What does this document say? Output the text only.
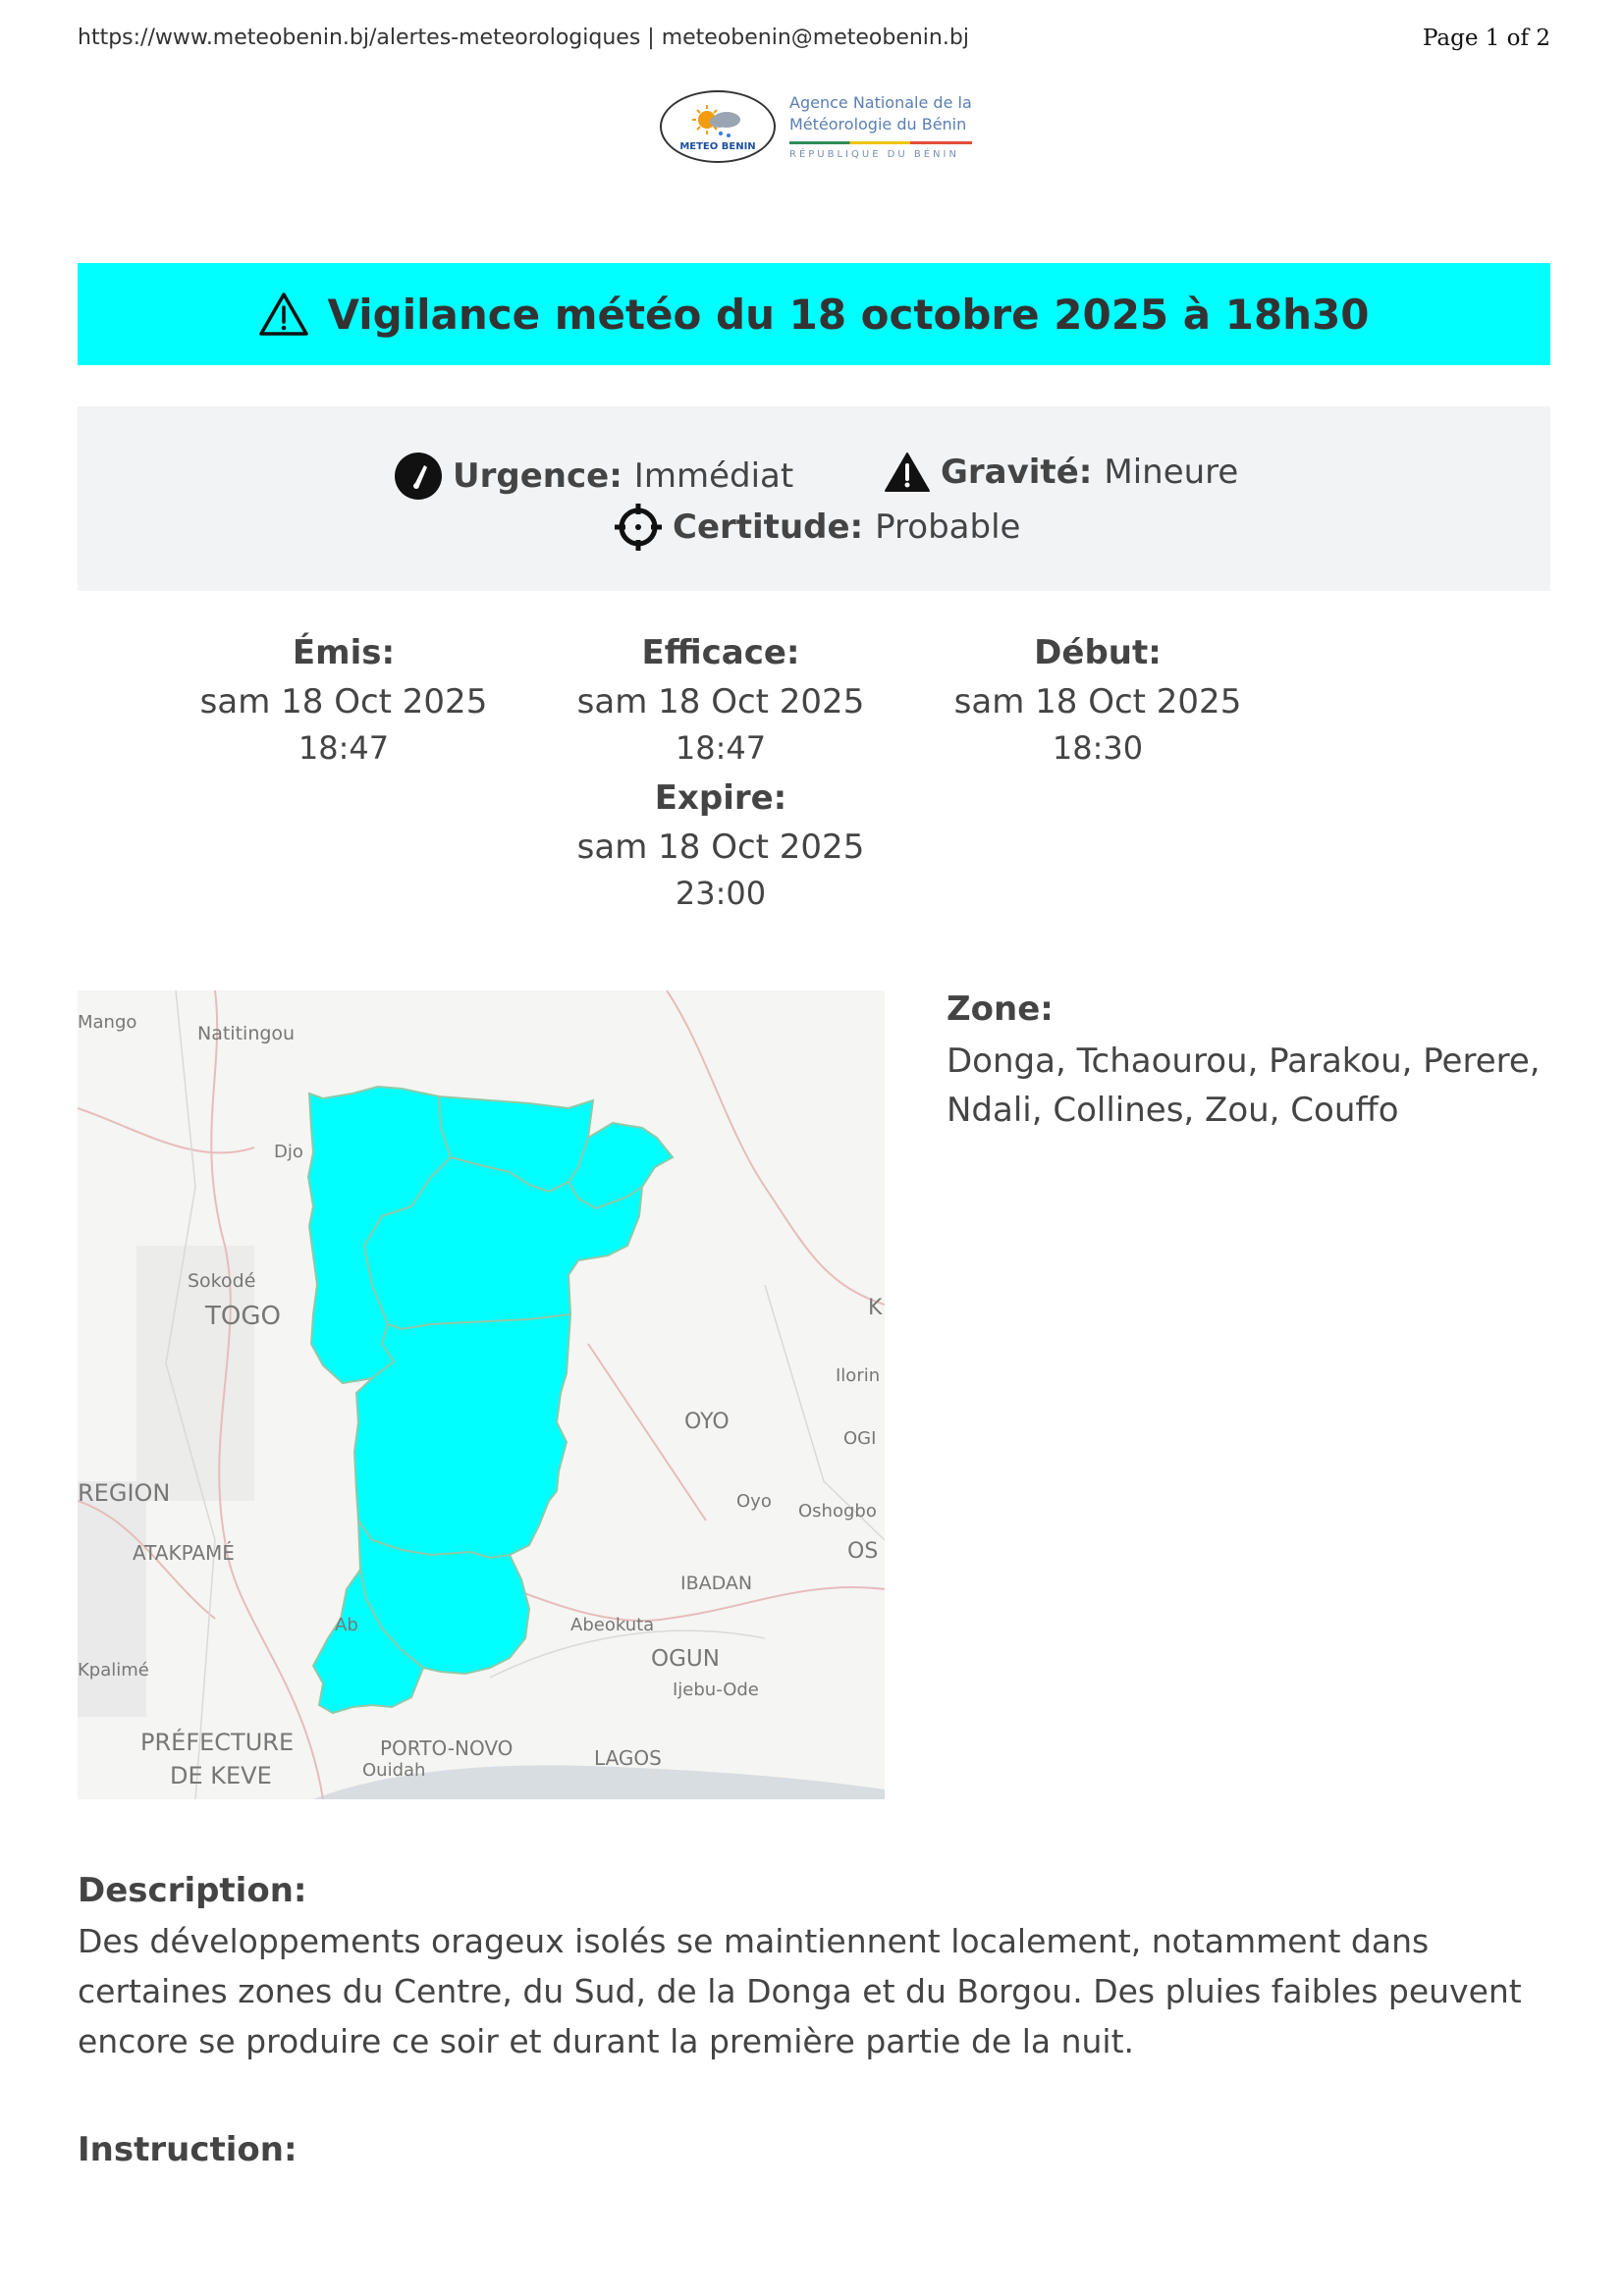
https://www.meteobenin.bj/alertes-meteorologiques | meteobenin@meteobenin.bj	Page 1 of 2
METEO BENIN
Agence Nationale de la
Météorologie du Bénin
RÉPUBLIQUE DU BÉNIN
Vigilance météo du 18 octobre 2025 à 18h30
Urgence: Immédiat	Gravité: Mineure
Certitude: Probable
Émis:
sam 18 Oct 2025
18:47
Efficace:
sam 18 Oct 2025
18:47
Début:
sam 18 Oct 2025
18:30
Expire:
sam 18 Oct 2025
23:00
Mango
Natitingou
Djo
Sokodé
TOGO	K
Ilorin
OYO
OGI
REGION	Oyo Oshogbo
OS
ATAKPAMÉ
IBADAN
Ab	Abeokuta
Kpalimé	OGUN
Ijebu-Ode
PRÉFECTURE
DE KEVE
PORTO-NOVO	LAGOS
Ouidah
Zone:
Donga, Tchaourou, Parakou, Perere, Ndali, Collines, Zou, Couffo
Description:
Des développements orageux isolés se maintiennent localement, notamment dans certaines zones du Centre, du Sud, de la Donga et du Borgou. Des pluies faibles peuvent encore se produire ce soir et durant la première partie de la nuit.
Instruction:
